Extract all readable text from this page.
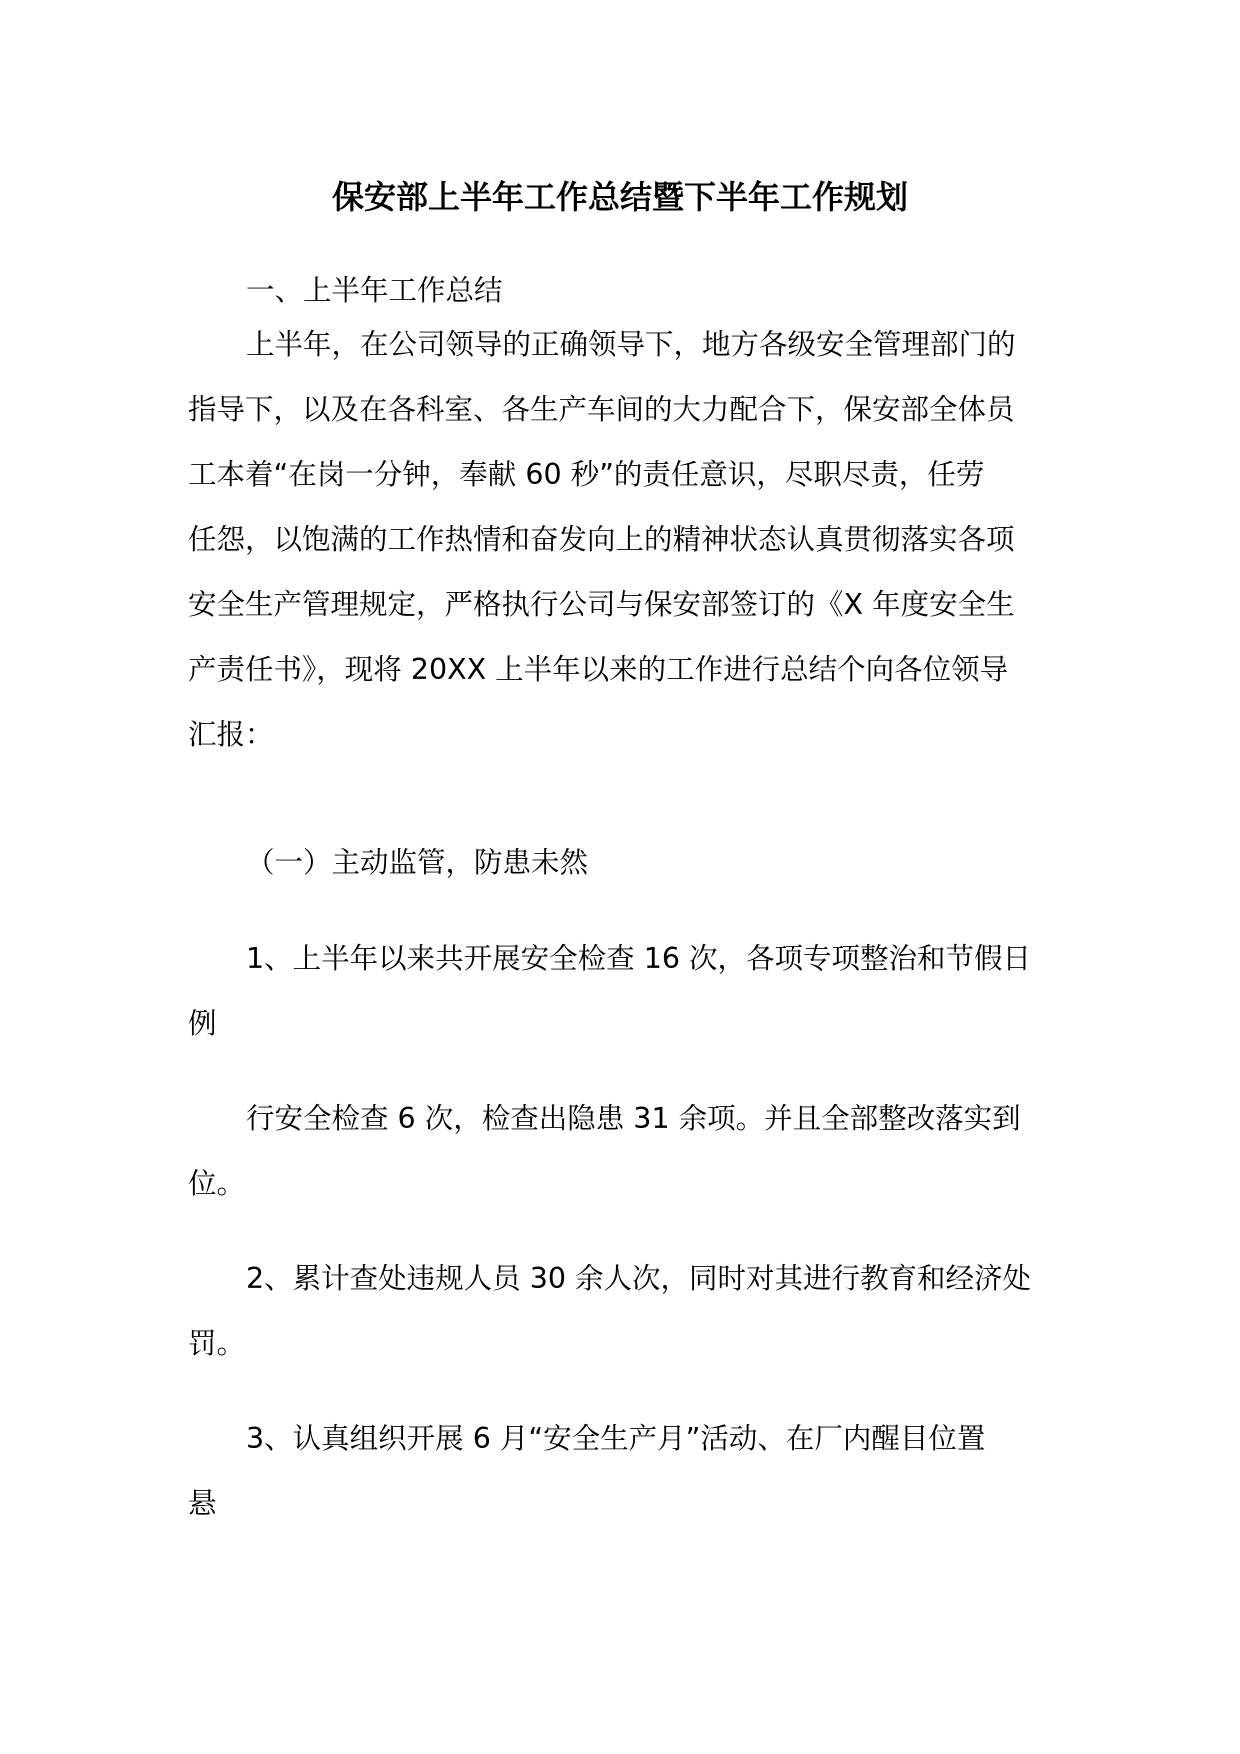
保安部上半年工作总结暨下半年工作规划
一、上半年工作总结
上半年，在公司领导的正确领导下，地方各级安全管理部门的
指导下，以及在各科室、各生产车间的大力配合下，保安部全体员
工本着“在岗一分钟，奉献 60 秒”的责任意识，尽职尽责，任劳
任怨，以饱满的工作热情和奋发向上的精神状态认真贯彻落实各项
安全生产管理规定，严格执行公司与保安部签订的《X 年度安全生
产责任书》，现将 20XX 上半年以来的工作进行总结个向各位领导
汇报：
（一）主动监管，防患未然
1、上半年以来共开展安全检查 16 次，各项专项整治和节假日
例
行安全检查 6 次，检查出隐患 31 余项。并且全部整改落实到
位。
2、累计查处违规人员 30 余人次，同时对其进行教育和经济处
罚。
3、认真组织开展 6 月“安全生产月”活动、在厂内醒目位置
悬
